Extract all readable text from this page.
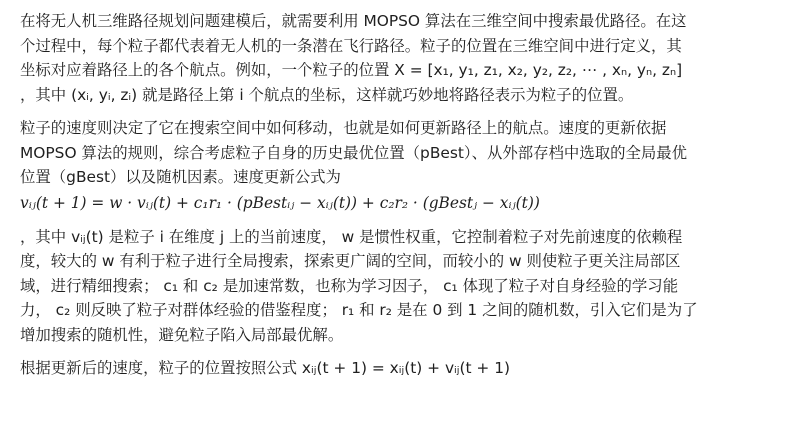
在将无人机三维路径规划问题建模后，就需要利用 MOPSO 算法在三维空间中搜索最优路径。在这
个过程中，每个粒子都代表着无人机的一条潜在飞行路径。粒子的位置在三维空间中进行定义，其
坐标对应着路径上的各个航点。例如，一个粒子的位置 X = [x₁, y₁, z₁, x₂, y₂, z₂, ⋯ , xₙ, yₙ, zₙ]
，其中 (xᵢ, yᵢ, zᵢ) 就是路径上第 i 个航点的坐标，这样就巧妙地将路径表示为粒子的位置。
粒子的速度则决定了它在搜索空间中如何移动，也就是如何更新路径上的航点。速度的更新依据
MOPSO 算法的规则，综合考虑粒子自身的历史最优位置（pBest）、从外部存档中选取的全局最优
位置（gBest）以及随机因素。速度更新公式为
vᵢⱼ(t + 1) = w · vᵢⱼ(t) + c₁r₁ · (pBestᵢⱼ − xᵢⱼ(t)) + c₂r₂ · (gBestⱼ − xᵢⱼ(t))
，其中 vᵢⱼ(t) 是粒子 i 在维度 j 上的当前速度， w 是惯性权重，它控制着粒子对先前速度的依赖程
度，较大的 w 有利于粒子进行全局搜索，探索更广阔的空间，而较小的 w 则使粒子更关注局部区
域，进行精细搜索； c₁ 和 c₂ 是加速常数，也称为学习因子， c₁ 体现了粒子对自身经验的学习能
力， c₂ 则反映了粒子对群体经验的借鉴程度； r₁ 和 r₂ 是在 0 到 1 之间的随机数，引入它们是为了
增加搜索的随机性，避免粒子陷入局部最优解。
根据更新后的速度，粒子的位置按照公式 xᵢⱼ(t + 1) = xᵢⱼ(t) + vᵢⱼ(t + 1)
